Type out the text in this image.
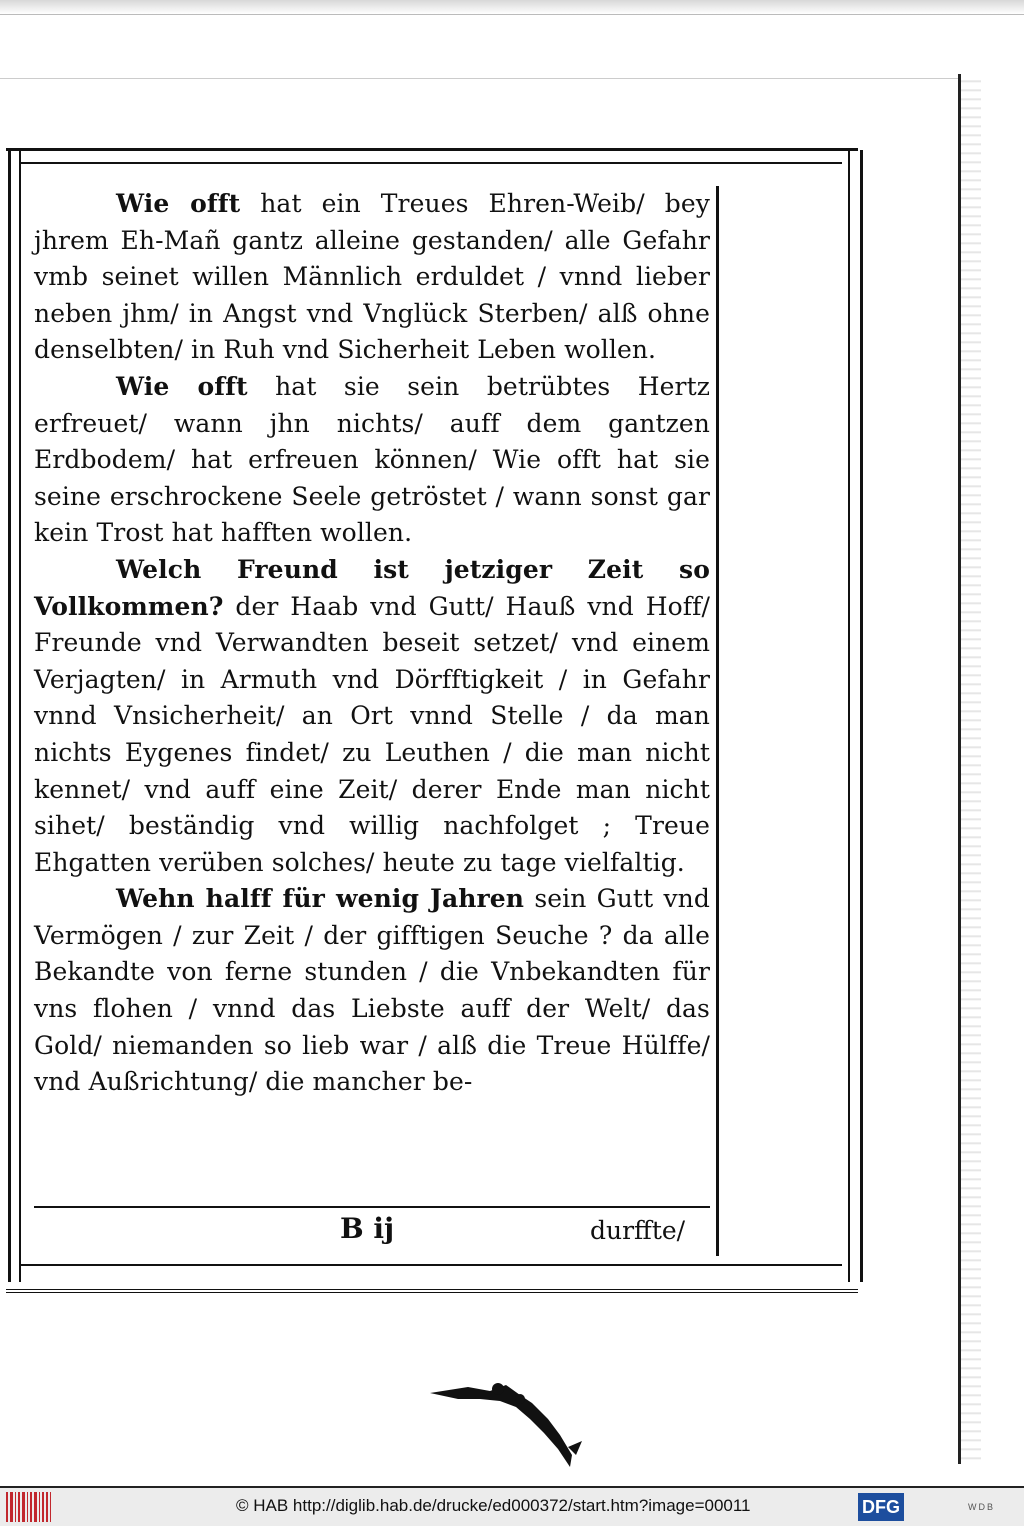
Wie offt hat ein Treues Ehren-Weib/ bey jhrem Eh-Mañ gantz alleine gestanden/ alle Gefahr vmb seinet willen Männlich erduldet / vnnd lieber neben jhm/ in Angst vnd Vnglück Sterben/ alß ohne denselbten/ in Ruh vnd Sicherheit Leben wollen.

Wie offt hat sie sein betrübtes Hertz erfreuet/ wann jhn nichts/ auff dem gantzen Erdbodem/ hat erfreuen können/ Wie offt hat sie seine erschrockene Seele getröstet / wann sonst gar kein Trost hat hafften wollen.

Welch Freund ist jetziger Zeit so Vollkommen? der Haab vnd Gutt/ Hauß vnd Hoff/ Freunde vnd Verwandten beseit setzet/ vnd einem Verjagten/ in Armuth vnd Dörfftigkeit / in Gefahr vnnd Vnsicherheit/ an Ort vnnd Stelle / da man nichts Eygenes findet/ zu Leuthen / die man nicht kennet/ vnd auff eine Zeit/ derer Ende man nicht sihet/ beständig vnd willig nachfolget ; Treue Ehgatten verüben solches/ heute zu tage vielfaltig.

Wehn halff für wenig Jahren sein Gutt vnd Vermögen / zur Zeit / der gifftigen Seuche ? da alle Bekandte von ferne stunden / die Vnbekandten für vns flohen / vnnd das Liebste auff der Welt/ das Gold/ niemanden so lieb war / alß die Treue Hülffe/ vnd Außrichtung/ die mancher be-

B ij	durffte/
© HAB http://diglib.hab.de/drucke/ed000372/start.htm?image=00011	DFG	WDB
